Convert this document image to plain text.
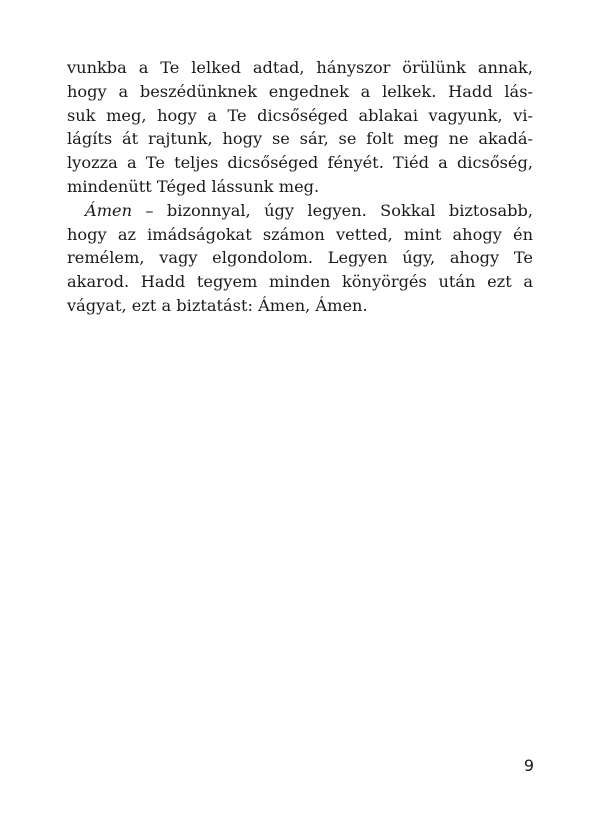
vunkba a Te lelked adtad, hányszor örülünk annak,
hogy a beszédünknek engednek a lelkek. Hadd lás-
suk meg, hogy a Te dicsőséged ablakai vagyunk, vi-
lágíts át rajtunk, hogy se sár, se folt meg ne akadá-
lyozza a Te teljes dicsőséged fényét. Tiéd a dicsőség,
mindenütt Téged lássunk meg.
Ámen – bizonnyal, úgy legyen. Sokkal biztosabb,
hogy az imádságokat számon vetted, mint ahogy én
remélem, vagy elgondolom. Legyen úgy, ahogy Te
akarod. Hadd tegyem minden könyörgés után ezt a
vágyat, ezt a biztatást: Ámen, Ámen.
9
